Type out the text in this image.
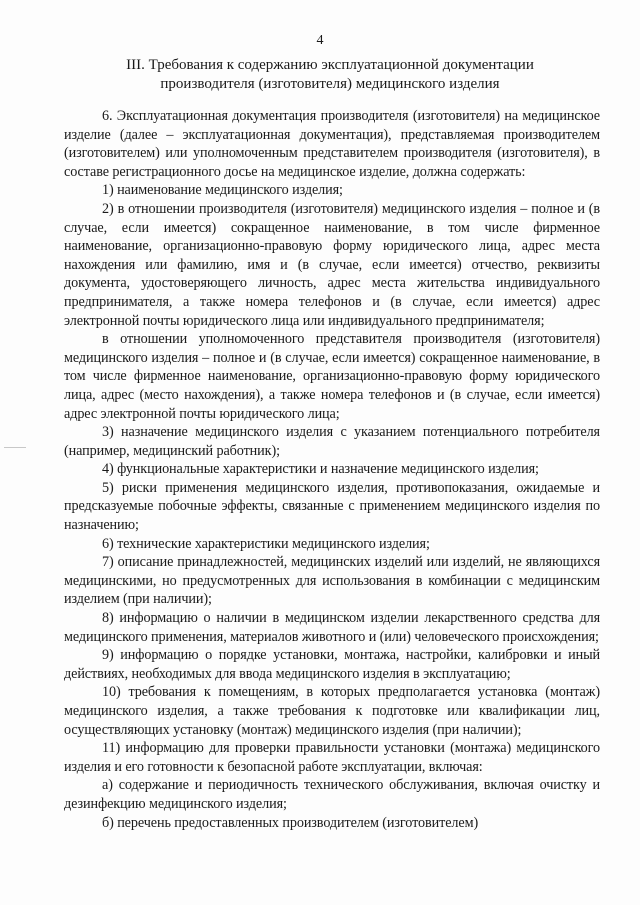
4
III. Требования к содержанию эксплуатационной документации
производителя (изготовителя) медицинского изделия

6. Эксплуатационная документация производителя (изготовителя) на медицинское изделие (далее – эксплуатационная документация), представляемая производителем (изготовителем) или уполномоченным представителем производителя (изготовителя), в составе регистрационного досье на медицинское изделие, должна содержать:

1) наименование медицинского изделия;

2) в отношении производителя (изготовителя) медицинского изделия – полное и (в случае, если имеется) сокращенное наименование, в том числе фирменное наименование, организационно-правовую форму юридического лица, адрес места нахождения или фамилию, имя и (в случае, если имеется) отчество, реквизиты документа, удостоверяющего личность, адрес места жительства индивидуального предпринимателя, а также номера телефонов и (в случае, если имеется) адрес электронной почты юридического лица или индивидуального предпринимателя;

в отношении уполномоченного представителя производителя (изготовителя) медицинского изделия – полное и (в случае, если имеется) сокращенное наименование, в том числе фирменное наименование, организационно-правовую форму юридического лица, адрес (место нахождения), а также номера телефонов и (в случае, если имеется) адрес электронной почты юридического лица;

3) назначение медицинского изделия с указанием потенциального потребителя (например, медицинский работник);

4) функциональные характеристики и назначение медицинского изделия;

5) риски применения медицинского изделия, противопоказания, ожидаемые и предсказуемые побочные эффекты, связанные с применением медицинского изделия по назначению;

6) технические характеристики медицинского изделия;

7) описание принадлежностей, медицинских изделий или изделий, не являющихся медицинскими, но предусмотренных для использования в комбинации с медицинским изделием (при наличии);

8) информацию о наличии в медицинском изделии лекарственного средства для медицинского применения, материалов животного и (или) человеческого происхождения;

9) информацию о порядке установки, монтажа, настройки, калибровки и иный действиях, необходимых для ввода медицинского изделия в эксплуатацию;

10) требования к помещениям, в которых предполагается установка (монтаж) медицинского изделия, а также требования к подготовке или квалификации лиц, осуществляющих установку (монтаж) медицинского изделия (при наличии);

11) информацию для проверки правильности установки (монтажа) медицинского изделия и его готовности к безопасной работе эксплуатации, включая:

а) содержание и периодичность технического обслуживания, включая очистку и дезинфекцию медицинского изделия;

б) перечень предоставленных производителем (изготовителем)
